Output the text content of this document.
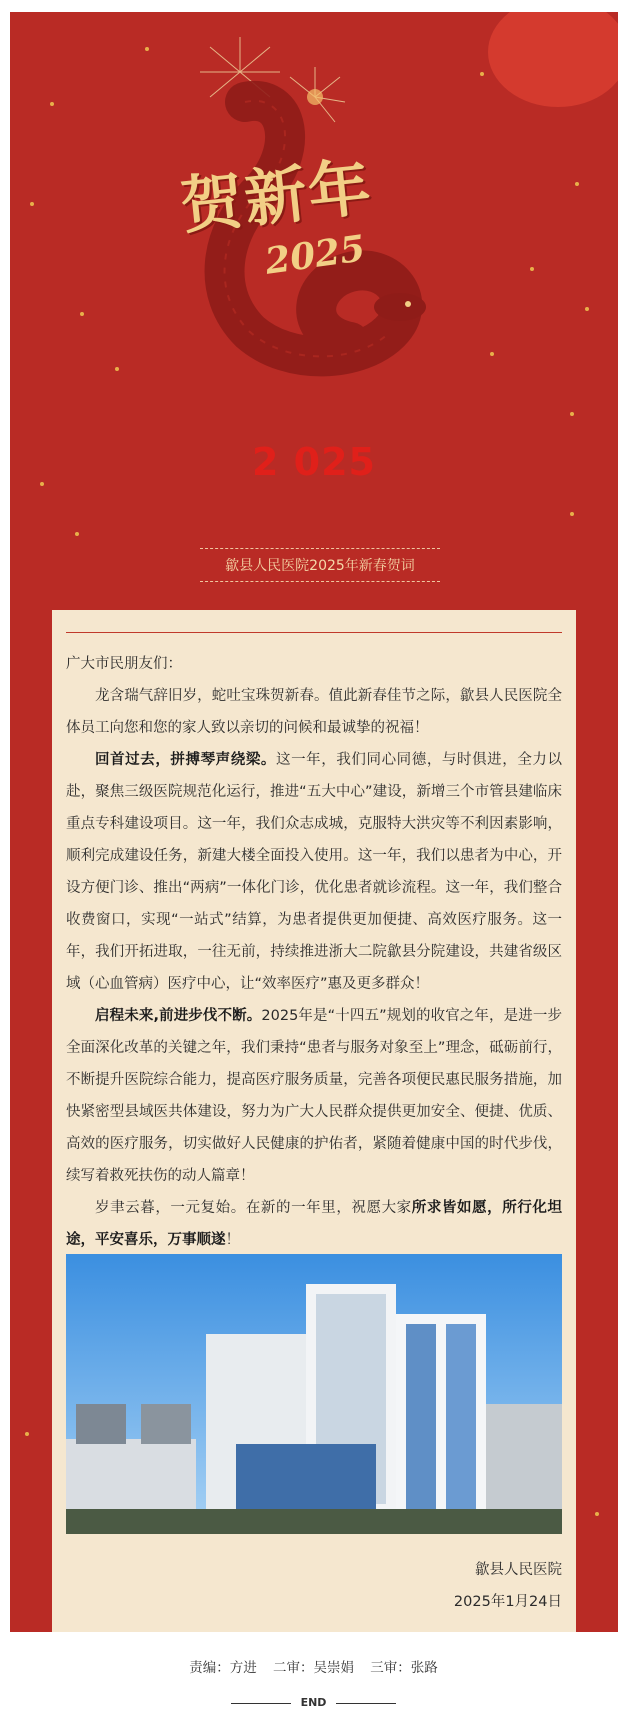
贺新年
2025
2 025
歙县人民医院2025年新春贺词

广大市民朋友们：

龙含瑞气辞旧岁，蛇吐宝珠贺新春。值此新春佳节之际，歙县人民医院全体员工向您和您的家人致以亲切的问候和最诚挚的祝福！

回首过去，拼搏琴声绕梁。这一年，我们同心同德，与时俱进，全力以赴，聚焦三级医院规范化运行，推进“五大中心”建设，新增三个市管县建临床重点专科建设项目。这一年，我们众志成城，克服特大洪灾等不利因素影响，顺利完成建设任务，新建大楼全面投入使用。这一年，我们以患者为中心，开设方便门诊、推出“两病”一体化门诊，优化患者就诊流程。这一年，我们整合收费窗口，实现“一站式”结算，为患者提供更加便捷、高效医疗服务。这一年，我们开拓进取，一往无前，持续推进浙大二院歙县分院建设，共建省级区域（心血管病）医疗中心，让“效率医疗”惠及更多群众！

启程未来,前进步伐不断。2025年是“十四五”规划的收官之年，是进一步全面深化改革的关键之年，我们秉持“患者与服务对象至上”理念，砥砺前行，不断提升医院综合能力，提高医疗服务质量，完善各项便民惠民服务措施，加快紧密型县域医共体建设，努力为广大人民群众提供更加安全、便捷、优质、高效的医疗服务，切实做好人民健康的护佑者，紧随着健康中国的时代步伐，续写着救死扶伤的动人篇章！

岁聿云暮，一元复始。在新的一年里，祝愿大家所求皆如愿，所行化坦途，平安喜乐，万事顺遂！

歙县人民医院
2025年1月24日
责编：方进 二审：吴崇娟 三审：张路
END
